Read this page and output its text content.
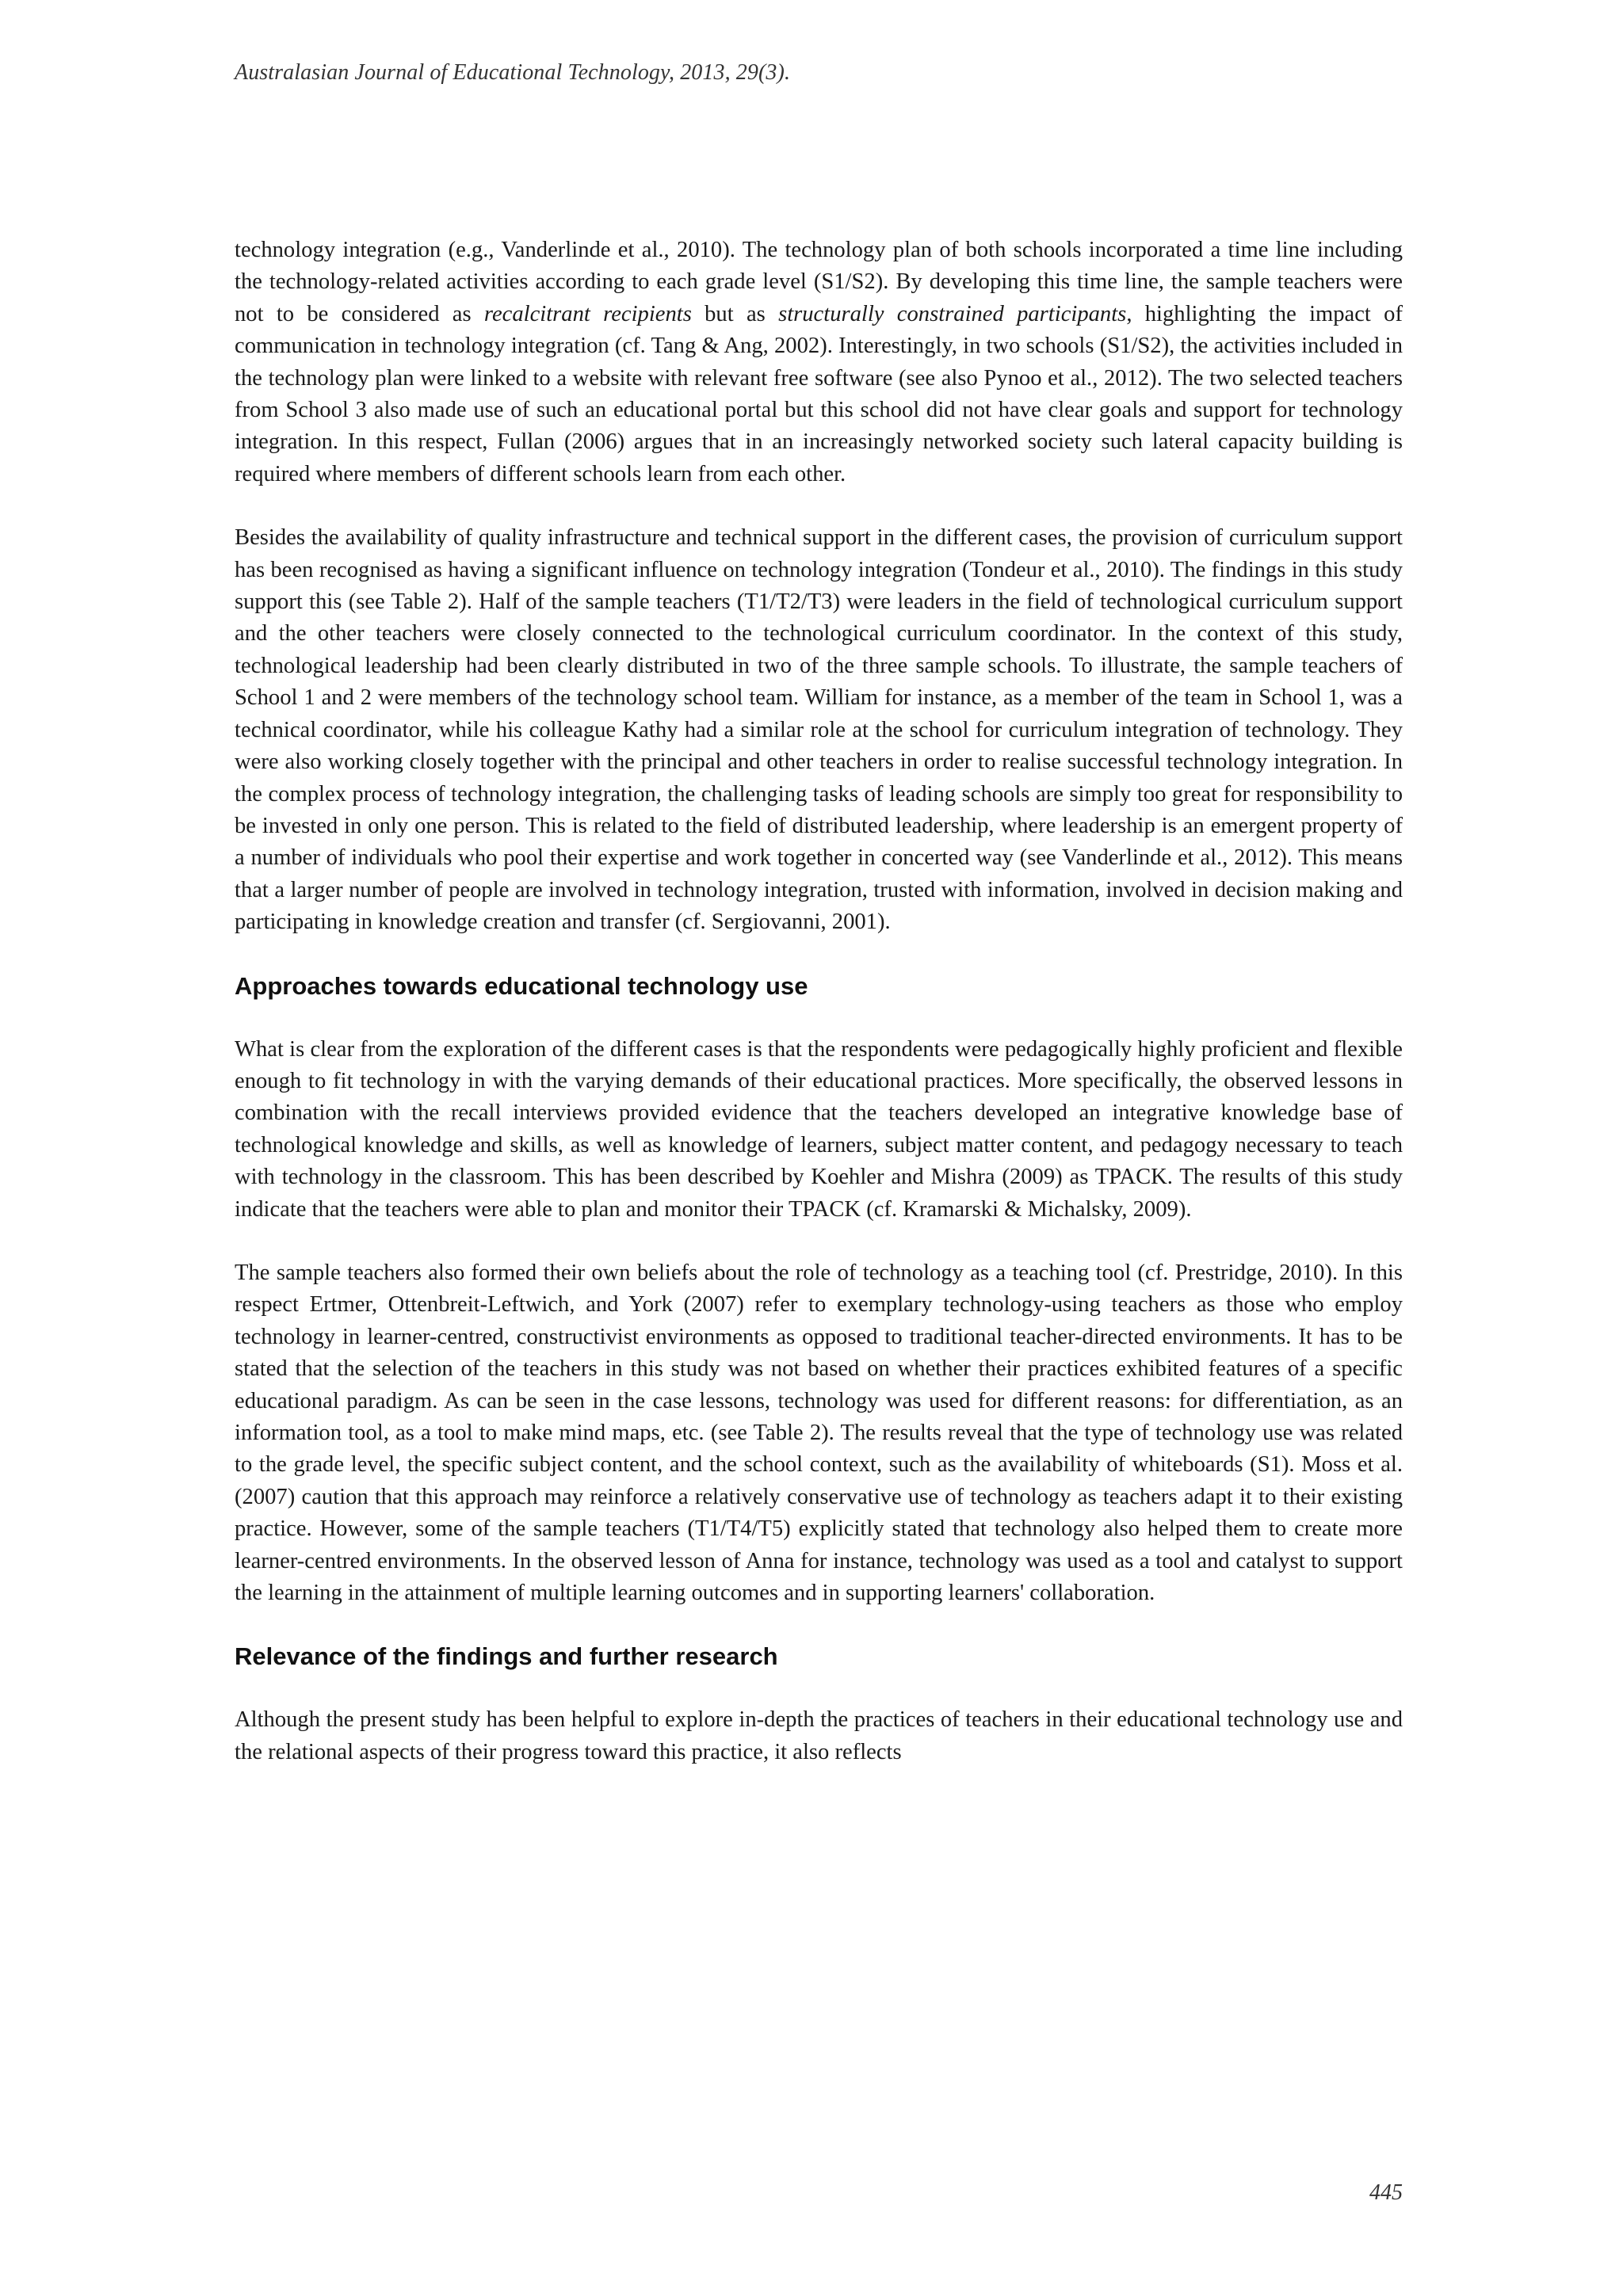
Australasian Journal of Educational Technology, 2013, 29(3).

technology integration (e.g., Vanderlinde et al., 2010). The technology plan of both schools incorporated a time line including the technology-related activities according to each grade level (S1/S2). By developing this time line, the sample teachers were not to be considered as recalcitrant recipients but as structurally constrained participants, highlighting the impact of communication in technology integration (cf. Tang & Ang, 2002). Interestingly, in two schools (S1/S2), the activities included in the technology plan were linked to a website with relevant free software (see also Pynoo et al., 2012). The two selected teachers from School 3 also made use of such an educational portal but this school did not have clear goals and support for technology integration. In this respect, Fullan (2006) argues that in an increasingly networked society such lateral capacity building is required where members of different schools learn from each other.

Besides the availability of quality infrastructure and technical support in the different cases, the provision of curriculum support has been recognised as having a significant influence on technology integration (Tondeur et al., 2010). The findings in this study support this (see Table 2). Half of the sample teachers (T1/T2/T3) were leaders in the field of technological curriculum support and the other teachers were closely connected to the technological curriculum coordinator. In the context of this study, technological leadership had been clearly distributed in two of the three sample schools. To illustrate, the sample teachers of School 1 and 2 were members of the technology school team. William for instance, as a member of the team in School 1, was a technical coordinator, while his colleague Kathy had a similar role at the school for curriculum integration of technology. They were also working closely together with the principal and other teachers in order to realise successful technology integration. In the complex process of technology integration, the challenging tasks of leading schools are simply too great for responsibility to be invested in only one person. This is related to the field of distributed leadership, where leadership is an emergent property of a number of individuals who pool their expertise and work together in concerted way (see Vanderlinde et al., 2012). This means that a larger number of people are involved in technology integration, trusted with information, involved in decision making and participating in knowledge creation and transfer (cf. Sergiovanni, 2001).

Approaches towards educational technology use

What is clear from the exploration of the different cases is that the respondents were pedagogically highly proficient and flexible enough to fit technology in with the varying demands of their educational practices. More specifically, the observed lessons in combination with the recall interviews provided evidence that the teachers developed an integrative knowledge base of technological knowledge and skills, as well as knowledge of learners, subject matter content, and pedagogy necessary to teach with technology in the classroom. This has been described by Koehler and Mishra (2009) as TPACK. The results of this study indicate that the teachers were able to plan and monitor their TPACK (cf. Kramarski & Michalsky, 2009).

The sample teachers also formed their own beliefs about the role of technology as a teaching tool (cf. Prestridge, 2010). In this respect Ertmer, Ottenbreit-Leftwich, and York (2007) refer to exemplary technology-using teachers as those who employ technology in learner-centred, constructivist environments as opposed to traditional teacher-directed environments. It has to be stated that the selection of the teachers in this study was not based on whether their practices exhibited features of a specific educational paradigm. As can be seen in the case lessons, technology was used for different reasons: for differentiation, as an information tool, as a tool to make mind maps, etc. (see Table 2). The results reveal that the type of technology use was related to the grade level, the specific subject content, and the school context, such as the availability of whiteboards (S1). Moss et al. (2007) caution that this approach may reinforce a relatively conservative use of technology as teachers adapt it to their existing practice. However, some of the sample teachers (T1/T4/T5) explicitly stated that technology also helped them to create more learner-centred environments. In the observed lesson of Anna for instance, technology was used as a tool and catalyst to support the learning in the attainment of multiple learning outcomes and in supporting learners' collaboration.

Relevance of the findings and further research

Although the present study has been helpful to explore in-depth the practices of teachers in their educational technology use and the relational aspects of their progress toward this practice, it also reflects

445
